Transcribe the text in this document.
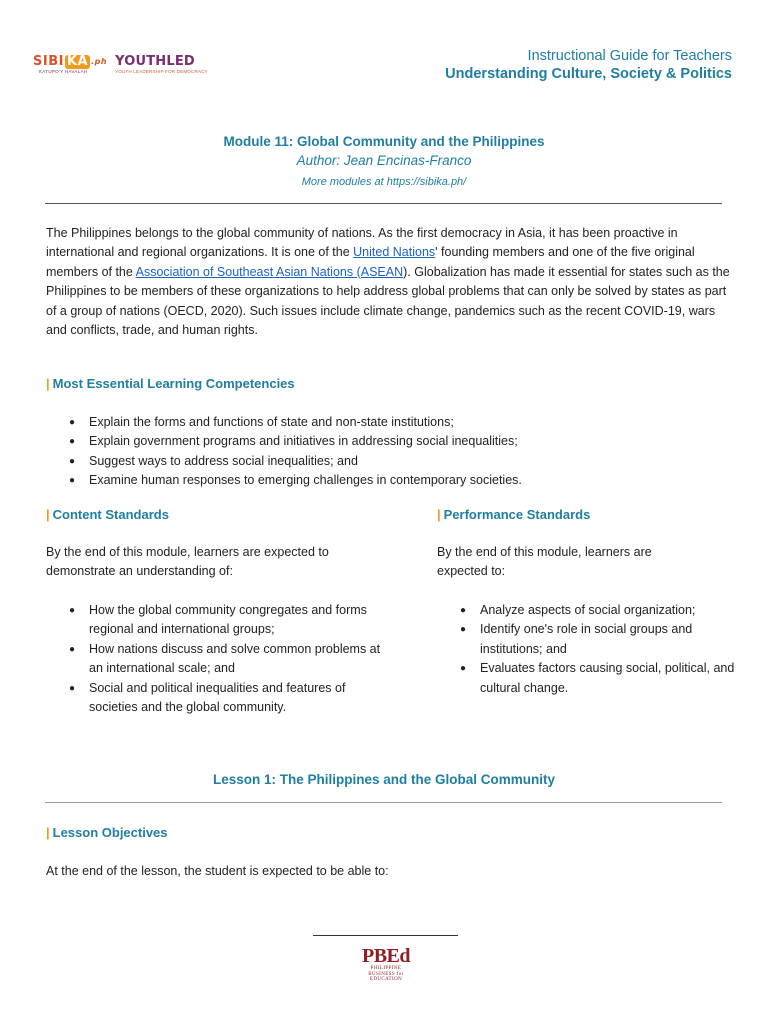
SIBI KA .ph
KATUPO'Y HAVALAH
YOUTHLED
YOUTH LEADERSHIP FOR DEMOCRACY
Instructional Guide for Teachers
Understanding Culture, Society & Politics
Module 11: Global Community and the Philippines
Author: Jean Encinas-Franco
More modules at https://sibika.ph/

The Philippines belongs to the global community of nations. As the first democracy in Asia, it has been proactive in international and regional organizations. It is one of the United Nations' founding members and one of the five original members of the Association of Southeast Asian Nations (ASEAN). Globalization has made it essential for states such as the Philippines to be members of these organizations to help address global problems that can only be solved by states as part of a group of nations (OECD, 2020). Such issues include climate change, pandemics such as the recent COVID-19, wars and conflicts, trade, and human rights.

| Most Essential Learning Competencies
● Explain the forms and functions of state and non-state institutions;
● Explain government programs and initiatives in addressing social inequalities;
● Suggest ways to address social inequalities; and
● Examine human responses to emerging challenges in contemporary societies.
| Content Standards
By the end of this module, learners are expected to
demonstrate an understanding of:
● How the global community congregates and forms regional and international groups;
● How nations discuss and solve common problems at an international scale; and
● Social and political inequalities and features of societies and the global community.
| Performance Standards
By the end of this module, learners are
expected to:
● Analyze aspects of social organization;
● Identify one's role in social groups and institutions; and
● Evaluates factors causing social, political, and cultural change.
Lesson 1: The Philippines and the Global Community
| Lesson Objectives
At the end of the lesson, the student is expected to be able to:
PBEd
PHILIPPINE
BUSINESS for
EDUCATION
